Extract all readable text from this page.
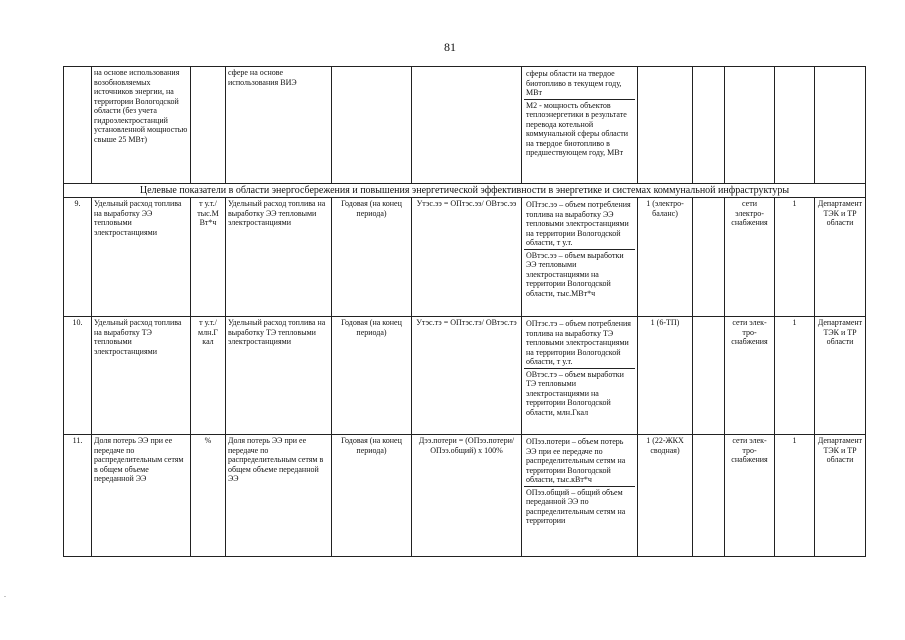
81
.
	на основе использования возобновляемых источников энергии, на территории Вологодской области (без учета гидроэлектростанций установленной мощностью свыше 25 МВт)		сфере на основе использования ВИЭ			сферы области на твердое биотопливо в текущем году, МВт
М2 - мощность объектов теплоэнергетики в результате перевода котельной коммунальной сферы области на твердое биотопливо в предшествующем году, МВт					

Целевые показатели в области энергосбережения и повышения энергетической эффективности в энергетике и системах коммунальной инфраструктуры											
9.	Удельный расход топлива на выработку ЭЭ тепловыми электростанциями	т у.т./ тыс.М Вт*ч	Удельный расход топлива на выработку ЭЭ тепловыми электростанциями	Годовая (на конец периода)	Утэс.ээ = ОПтэс.ээ/ ОВтэс.ээ	ОПтэс.ээ – объем потребления топлива на выработку ЭЭ тепловыми электростанциями на территории Вологодской области, т у.т.
ОВтэс.ээ – объем выработки ЭЭ тепловыми электростанциями на территории Вологодской области, тыс.МВт*ч	1 (электро-баланс)		сети электро-снабжения	1	Департамент ТЭК и ТР области
10.	Удельный расход топлива на выработку ТЭ тепловыми электростанциями	т у.т./ млн.Г кал	Удельный расход топлива на выработку ТЭ тепловыми электростанциями	Годовая (на конец периода)	Утэс.тэ = ОПтэс.тэ/ ОВтэс.тэ	ОПтэс.тэ – объем потребления топлива на выработку ТЭ тепловыми электростанциями на территории Вологодской области, т у.т.
ОВтэс.тэ – объем выработки ТЭ тепловыми электростанциями на территории Вологодской области, млн.Гкал	1 (6-ТП)		сети элек-тро-снабжения	1	Департамент ТЭК и ТР области
11.	Доля потерь ЭЭ при ее передаче по распределительным сетям в общем объеме переданной ЭЭ	%	Доля потерь ЭЭ при ее передаче по распределительным сетям в общем объеме переданной ЭЭ	Годовая (на конец периода)	Дээ.потери = (ОПээ.потери/ ОПээ.общий) х 100%	ОПээ.потери – объем потерь ЭЭ при ее передаче по распределительным сетям на территории Вологодской области, тыс.кВт*ч
ОПээ.общий – общий объем переданной ЭЭ по распределительным сетям на территории	1 (22-ЖКХ сводная)		сети элек-тро-снабжения	1	Департамент ТЭК и ТР области
